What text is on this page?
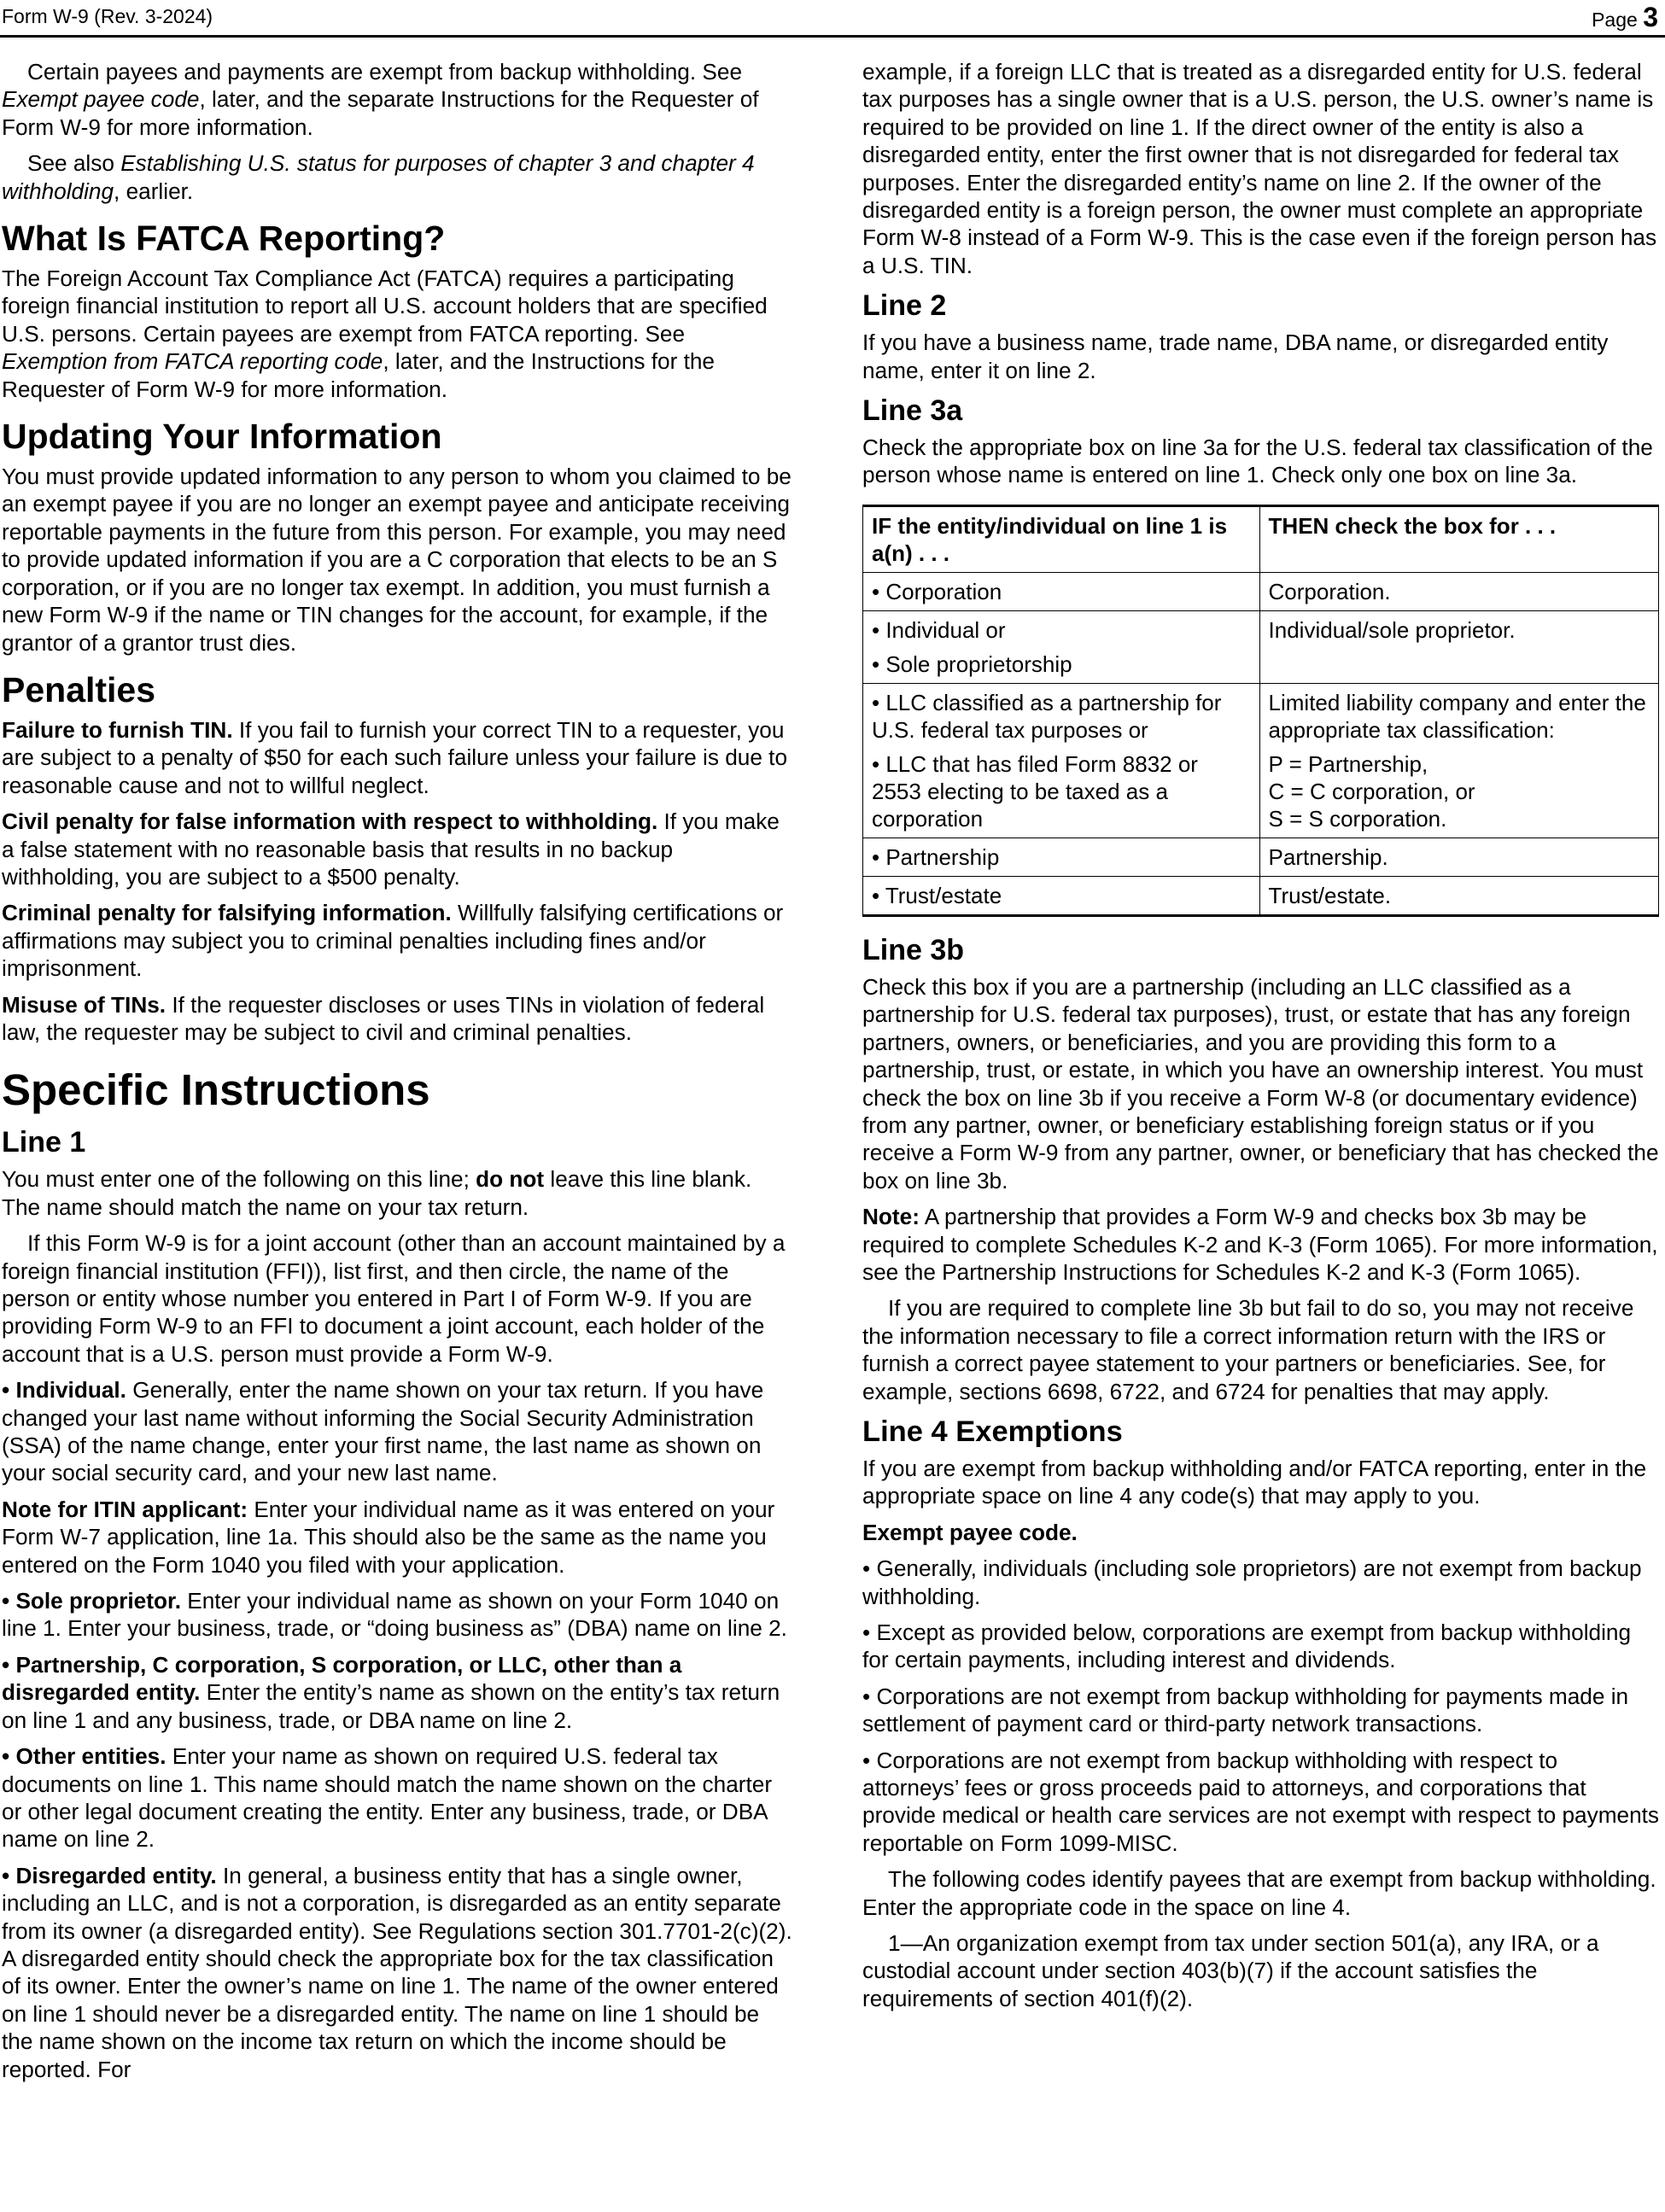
Form W-9 (Rev. 3-2024)	Page 3

Certain payees and payments are exempt from backup withholding. See Exempt payee code, later, and the separate Instructions for the Requester of Form W-9 for more information.

See also Establishing U.S. status for purposes of chapter 3 and chapter 4 withholding, earlier.

What Is FATCA Reporting?

The Foreign Account Tax Compliance Act (FATCA) requires a participating foreign financial institution to report all U.S. account holders that are specified U.S. persons. Certain payees are exempt from FATCA reporting. See Exemption from FATCA reporting code, later, and the Instructions for the Requester of Form W-9 for more information.

Updating Your Information

You must provide updated information to any person to whom you claimed to be an exempt payee if you are no longer an exempt payee and anticipate receiving reportable payments in the future from this person. For example, you may need to provide updated information if you are a C corporation that elects to be an S corporation, or if you are no longer tax exempt. In addition, you must furnish a new Form W-9 if the name or TIN changes for the account, for example, if the grantor of a grantor trust dies.

Penalties

Failure to furnish TIN. If you fail to furnish your correct TIN to a requester, you are subject to a penalty of $50 for each such failure unless your failure is due to reasonable cause and not to willful neglect.

Civil penalty for false information with respect to withholding. If you make a false statement with no reasonable basis that results in no backup withholding, you are subject to a $500 penalty.

Criminal penalty for falsifying information. Willfully falsifying certifications or affirmations may subject you to criminal penalties including fines and/or imprisonment.

Misuse of TINs. If the requester discloses or uses TINs in violation of federal law, the requester may be subject to civil and criminal penalties.

Specific Instructions
Line 1

You must enter one of the following on this line; do not leave this line blank. The name should match the name on your tax return.

If this Form W-9 is for a joint account (other than an account maintained by a foreign financial institution (FFI)), list first, and then circle, the name of the person or entity whose number you entered in Part I of Form W-9. If you are providing Form W-9 to an FFI to document a joint account, each holder of the account that is a U.S. person must provide a Form W-9.

• Individual. Generally, enter the name shown on your tax return. If you have changed your last name without informing the Social Security Administration (SSA) of the name change, enter your first name, the last name as shown on your social security card, and your new last name.

Note for ITIN applicant: Enter your individual name as it was entered on your Form W-7 application, line 1a. This should also be the same as the name you entered on the Form 1040 you filed with your application.

• Sole proprietor. Enter your individual name as shown on your Form 1040 on line 1. Enter your business, trade, or “doing business as” (DBA) name on line 2.

• Partnership, C corporation, S corporation, or LLC, other than a disregarded entity. Enter the entity’s name as shown on the entity’s tax return on line 1 and any business, trade, or DBA name on line 2.

• Other entities. Enter your name as shown on required U.S. federal tax documents on line 1. This name should match the name shown on the charter or other legal document creating the entity. Enter any business, trade, or DBA name on line 2.

• Disregarded entity. In general, a business entity that has a single owner, including an LLC, and is not a corporation, is disregarded as an entity separate from its owner (a disregarded entity). See Regulations section 301.7701-2(c)(2). A disregarded entity should check the appropriate box for the tax classification of its owner. Enter the owner’s name on line 1. The name of the owner entered on line 1 should never be a disregarded entity. The name on line 1 should be the name shown on the income tax return on which the income should be reported. For

example, if a foreign LLC that is treated as a disregarded entity for U.S. federal tax purposes has a single owner that is a U.S. person, the U.S. owner’s name is required to be provided on line 1. If the direct owner of the entity is also a disregarded entity, enter the first owner that is not disregarded for federal tax purposes. Enter the disregarded entity’s name on line 2. If the owner of the disregarded entity is a foreign person, the owner must complete an appropriate Form W-8 instead of a Form W-9. This is the case even if the foreign person has a U.S. TIN.

Line 2

If you have a business name, trade name, DBA name, or disregarded entity name, enter it on line 2.

Line 3a

Check the appropriate box on line 3a for the U.S. federal tax classification of the person whose name is entered on line 1. Check only one box on line 3a.

IF the entity/individual on line 1 is a(n) . . .	THEN check the box for . . .
• Corporation	Corporation.

• Individual or
• Sole proprietorship	Individual/sole proprietor.

• LLC classified as a partnership for U.S. federal tax purposes or
• LLC that has filed Form 8832 or 2553 electing to be taxed as a corporation	Limited liability company and enter the appropriate tax classification:
P = Partnership,
C = C corporation, or
S = S corporation.

• Partnership	Partnership.
• Trust/estate	Trust/estate.
Line 3b

Check this box if you are a partnership (including an LLC classified as a partnership for U.S. federal tax purposes), trust, or estate that has any foreign partners, owners, or beneficiaries, and you are providing this form to a partnership, trust, or estate, in which you have an ownership interest. You must check the box on line 3b if you receive a Form W-8 (or documentary evidence) from any partner, owner, or beneficiary establishing foreign status or if you receive a Form W-9 from any partner, owner, or beneficiary that has checked the box on line 3b.

Note: A partnership that provides a Form W-9 and checks box 3b may be required to complete Schedules K-2 and K-3 (Form 1065). For more information, see the Partnership Instructions for Schedules K-2 and K-3 (Form 1065).

If you are required to complete line 3b but fail to do so, you may not receive the information necessary to file a correct information return with the IRS or furnish a correct payee statement to your partners or beneficiaries. See, for example, sections 6698, 6722, and 6724 for penalties that may apply.

Line 4 Exemptions

If you are exempt from backup withholding and/or FATCA reporting, enter in the appropriate space on line 4 any code(s) that may apply to you.

Exempt payee code.

• Generally, individuals (including sole proprietors) are not exempt from backup withholding.

• Except as provided below, corporations are exempt from backup withholding for certain payments, including interest and dividends.

• Corporations are not exempt from backup withholding for payments made in settlement of payment card or third-party network transactions.

• Corporations are not exempt from backup withholding with respect to attorneys’ fees or gross proceeds paid to attorneys, and corporations that provide medical or health care services are not exempt with respect to payments reportable on Form 1099-MISC.

The following codes identify payees that are exempt from backup withholding. Enter the appropriate code in the space on line 4.

1—An organization exempt from tax under section 501(a), any IRA, or a custodial account under section 403(b)(7) if the account satisfies the requirements of section 401(f)(2).
